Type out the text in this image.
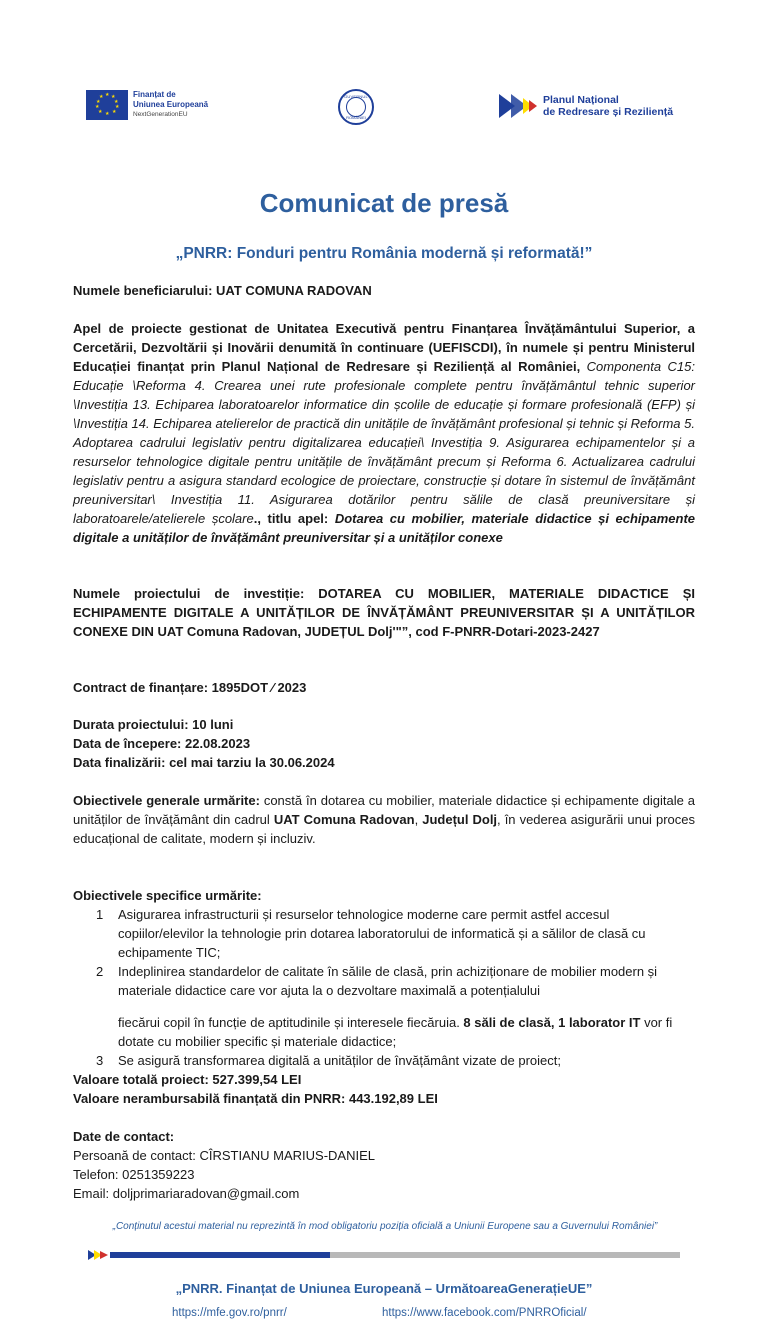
★ ★
★
★
★
★
★
★
★
★	Finanțat de
Uniunea Europeană
NextGenerationEU
GUVERNUL
ROMÂNIEI
Planul Național
de Redresare și Reziliență
Comunicat de presă
„PNRR: Fonduri pentru România modernă și reformată!”
Numele beneficiarului: UAT COMUNA RADOVAN
Apel de proiecte gestionat de Unitatea Executivă pentru Finanțarea Învățământului Superior, a Cercetării, Dezvoltării și Inovării denumită în continuare (UEFISCDI), în numele și pentru Ministerul Educației finanțat prin Planul Național de Redresare și Reziliență al României, Componenta C15: Educație \Reforma 4. Crearea unei rute profesionale complete pentru învățământul tehnic superior \Investiția 13. Echiparea laboratoarelor informatice din școlile de educație și formare profesională (EFP) și \Investiția 14. Echiparea atelierelor de practică din unitățile de învățământ profesional și tehnic și Reforma 5. Adoptarea cadrului legislativ pentru digitalizarea educației\ Investiția 9. Asigurarea echipamentelor și a resurselor tehnologice digitale pentru unitățile de învățământ precum și Reforma 6. Actualizarea cadrului legislativ pentru a asigura standard ecologice de proiectare, construcție și dotare în sistemul de învățământ preuniversitar\ Investiția 11. Asigurarea dotărilor pentru sălile de clasă preuniversitare și laboratoarele/atelierele școlare., titlu apel: Dotarea cu mobilier, materiale didactice și echipamente digitale a unităților de învățământ preuniversitar și a unităților conexe
Numele proiectului de investiție: DOTAREA CU MOBILIER, MATERIALE DIDACTICE ȘI ECHIPAMENTE DIGITALE A UNITĂȚILOR DE ÎNVĂȚĂMÂNT PREUNIVERSITAR ȘI A UNITĂȚILOR CONEXE DIN UAT Comuna Radovan, JUDEȚUL Dolj'"”, cod F-PNRR-Dotari-2023-2427
Contract de finanțare: 1895DOT ⁄ 2023
Durata proiectului: 10 luni
Data de începere: 22.08.2023
Data finalizării: cel mai tarziu la 30.06.2024
Obiectivele generale urmărite: constă în dotarea cu mobilier, materiale didactice și echipamente digitale a unităților de învățământ din cadrul UAT Comuna Radovan, Județul Dolj, în vederea asigurării unui proces educațional de calitate, modern și incluziv.
Obiectivele specifice urmărite:
1 Asigurarea infrastructurii și resurselor tehnologice moderne care permit astfel accesul copiilor/elevilor la tehnologie prin dotarea laboratorului de informatică și a sălilor de clasă cu echipamente TIC;
2 Indeplinirea standardelor de calitate în sălile de clasă, prin achiziționare de mobilier modern și materiale didactice care vor ajuta la o dezvoltare maximală a potențialului
fiecărui copil în funcție de aptitudinile și interesele fiecăruia. 8 săli de clasă, 1 laborator IT vor fi dotate cu mobilier specific și materiale didactice;
3 Se asigură transformarea digitală a unităților de învățământ vizate de proiect;
Valoare totală proiect: 527.399,54 LEI
Valoare nerambursabilă finanțată din PNRR: 443.192,89 LEI
Date de contact:
Persoană de contact: CÎRSTIANU MARIUS-DANIEL
Telefon: 0251359223
Email: doljprimariaradovan@gmail.com
„Conținutul acestui material nu reprezintă în mod obligatoriu poziția oficială a Uniunii Europene sau a Guvernului României”
„PNRR. Finanțat de Uniunea Europeană – UrmătoareaGenerațieUE”
https://mfe.gov.ro/pnrr/	https://www.facebook.com/PNRROficial/
